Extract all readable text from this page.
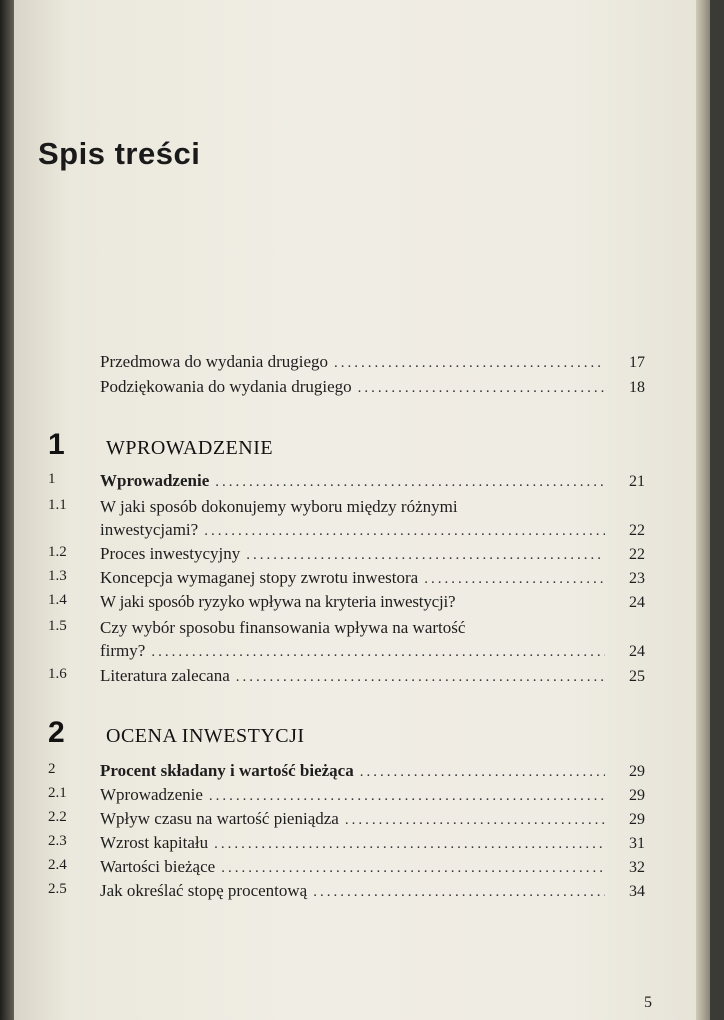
Spis treści
Przedmowa do wydania drugiego .....	17
Podziękowania do wydania drugiego .....	18
1	WPROWADZENIE
1	Wprowadzenie .....	21
1.1	W jaki sposób dokonujemy wyboru między różnymi
inwestycjami? .....	22
1.2	Proces inwestycyjny .....	22
1.3	Koncepcja wymaganej stopy zwrotu inwestora .....	23
1.4	W jaki sposób ryzyko wpływa na kryteria inwestycji?	24
1.5	Czy wybór sposobu finansowania wpływa na wartość
firmy? .....	24
1.6	Literatura zalecana .....	25
2	OCENA INWESTYCJI
2	Procent składany i wartość bieżąca .....	29
2.1	Wprowadzenie .....	29
2.2	Wpływ czasu na wartość pieniądza .....	29
2.3	Wzrost kapitału .....	31
2.4	Wartości bieżące .....	32
2.5	Jak określać stopę procentową .....	34
5
